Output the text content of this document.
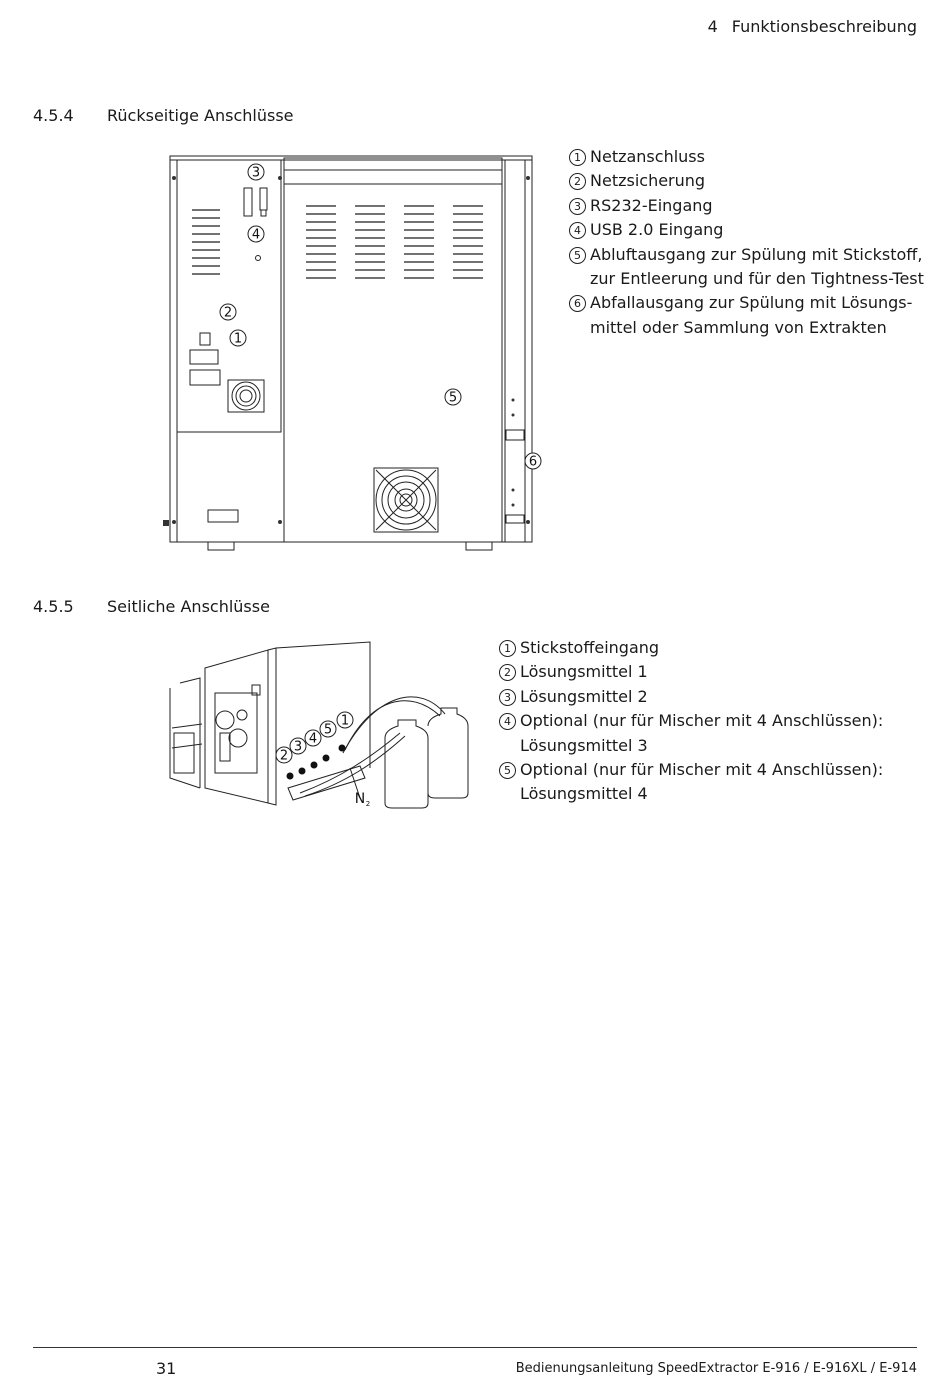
4 Funktionsbeschreibung
4.5.4 Rückseitige Anschlüsse
3
4
2
1
5
6
1 Netzanschluss
2 Netzsicherung
3 RS232-Eingang
4 USB 2.0 Eingang
5 Abluftausgang zur Spülung mit Stickstoff,
zur Entleerung und für den Tightness-Test
6 Abfallausgang zur Spülung mit Lösungs-
mittel oder Sammlung von Extrakten
4.5.5 Seitliche Anschlüsse
2
3
4
5
1
N 2
1 Stickstoffeingang
2 Lösungsmittel 1
3 Lösungsmittel 2
4 Optional (nur für Mischer mit 4 Anschlüssen):
Lösungsmittel 3
5 Optional (nur für Mischer mit 4 Anschlüssen):
Lösungsmittel 4
31	Bedienungsanleitung SpeedExtractor E-916 / E-916XL / E-914
